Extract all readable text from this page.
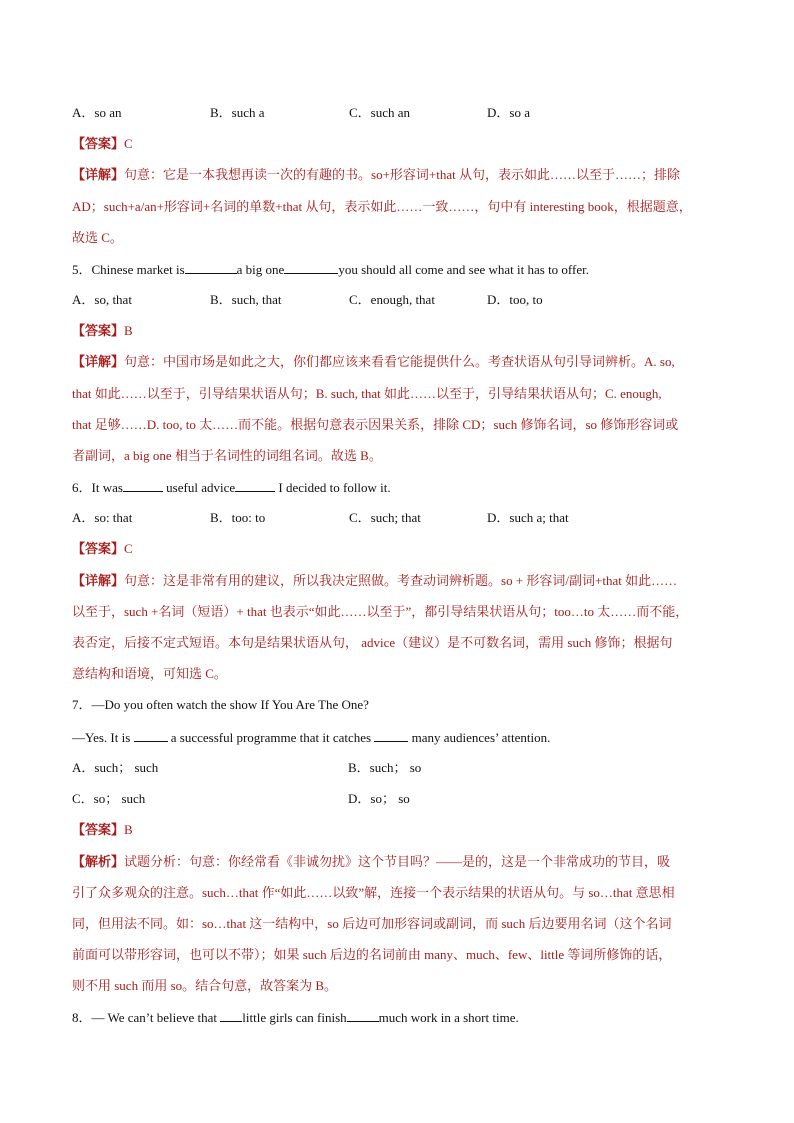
A．so an	B．such a	C．such an	D．so a
【答案】C
【详解】句意：它是一本我想再读一次的有趣的书。so+形容词+that 从句，表示如此……以至于……；排除
AD；such+a/an+形容词+名词的单数+that 从句，表示如此……一致……，句中有 interesting book，根据题意，
故选 C。
5．Chinese market is	a big one	you should all come and see what it has to offer.
A．so, that	B．such, that	C．enough, that	D．too, to
【答案】B
【详解】句意：中国市场是如此之大，你们都应该来看看它能提供什么。考查状语从句引导词辨析。A. so,
that 如此……以至于，引导结果状语从句；B. such, that 如此……以至于，引导结果状语从句；C. enough,
that 足够……D. too, to 太……而不能。根据句意表示因果关系，排除 CD；such 修饰名词，so 修饰形容词或
者副词，a big one 相当于名词性的词组名词。故选 B。
6．It was	useful advice	I decided to follow it.
A．so: that	B．too: to	C．such; that	D．such a; that
【答案】C
【详解】句意：这是非常有用的建议，所以我决定照做。考查动词辨析题。so + 形容词/副词+that 如此……
以至于，such +名词（短语）+ that 也表示“如此……以至于”，都引导结果状语从句；too…to 太……而不能，
表否定，后接不定式短语。本句是结果状语从句， advice（建议）是不可数名词，需用 such 修饰；根据句
意结构和语境，可知选 C。
7．—Do you often watch the show If You Are The One?
—Yes. It is	a successful programme that it catches	many audiences’ attention.
A．such； such	B．such； so
C．so； such	D．so； so
【答案】B
【解析】试题分析：句意：你经常看《非诚勿扰》这个节目吗？——是的，这是一个非常成功的节目，吸
引了众多观众的注意。such…that 作“如此……以致”解，连接一个表示结果的状语从句。与 so…that 意思相
同，但用法不同。如：so…that 这一结构中，so 后边可加形容词或副词，而 such 后边要用名词（这个名词
前面可以带形容词，也可以不带）；如果 such 后边的名词前由 many、much、few、little 等词所修饰的话，
则不用 such 而用 so。结合句意，故答案为 B。
8．— We can’t believe that little girls can finish much work in a short time.
